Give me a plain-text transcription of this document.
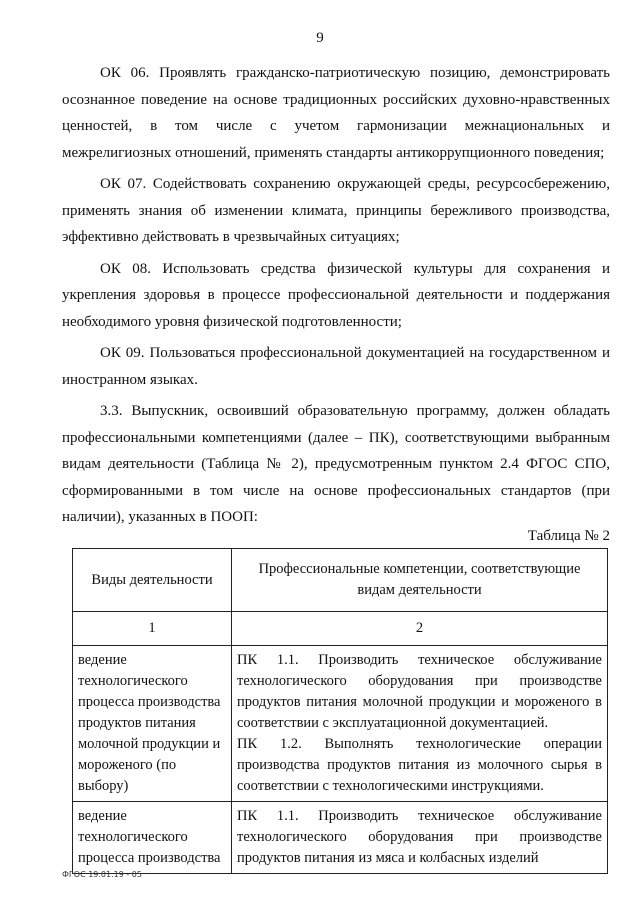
9

ОК 06. Проявлять гражданско-патриотическую позицию, демонстрировать осознанное поведение на основе традиционных российских духовно-нравственных ценностей, в том числе с учетом гармонизации межнациональных и межрелигиозных отношений, применять стандарты антикоррупционного поведения;

ОК 07. Содействовать сохранению окружающей среды, ресурсосбережению, применять знания об изменении климата, принципы бережливого производства, эффективно действовать в чрезвычайных ситуациях;

ОК 08. Использовать средства физической культуры для сохранения и укрепления здоровья в процессе профессиональной деятельности и поддержания необходимого уровня физической подготовленности;

ОК 09. Пользоваться профессиональной документацией на государственном и иностранном языках.

3.3. Выпускник, освоивший образовательную программу, должен обладать профессиональными компетенциями (далее – ПК), соответствующими выбранным видам деятельности (Таблица № 2), предусмотренным пунктом 2.4 ФГОС СПО, сформированными в том числе на основе профессиональных стандартов (при наличии), указанных в ПООП:

Таблица № 2
Виды деятельности	Профессиональные компетенции, соответствующие видам деятельности
1	2
ведение технологического процесса производства продуктов питания молочной продукции и мороженого (по выбору)	ПК 1.1. Производить техническое обслуживание технологического оборудования при производстве продуктов питания молочной продукции и мороженого в соответствии с эксплуатационной документацией.

ПК 1.2. Выполнять технологические операции производства продуктов питания из молочного сырья в соответствии с технологическими инструкциями.

ведение технологического процесса производства	ПК 1.1. Производить техническое обслуживание технологического оборудования при производстве продуктов питания из мяса и колбасных изделий

ФГОС 19.01.19 - 05
